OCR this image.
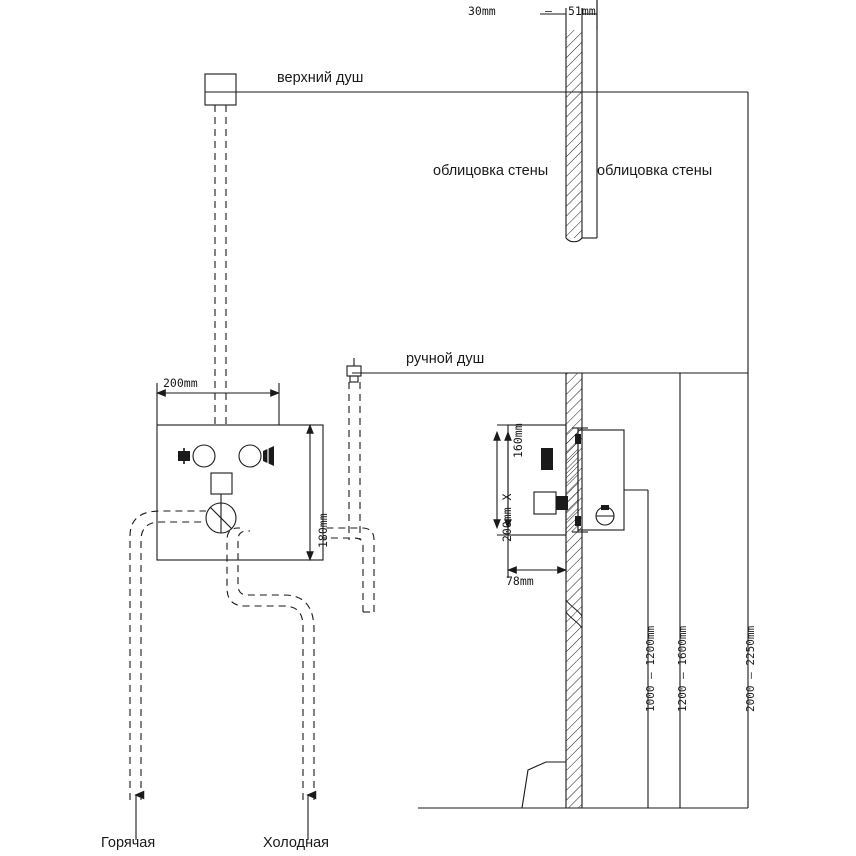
30mm	— 51mm
верхний душ
облицовка стены	облицовка стены
ручной душ
200mm
180mm
160mm
200mm X
78mm
1000 — 1200mm 1200 — 1600mm	2000 — 2250mm
Горячая	Холодная
